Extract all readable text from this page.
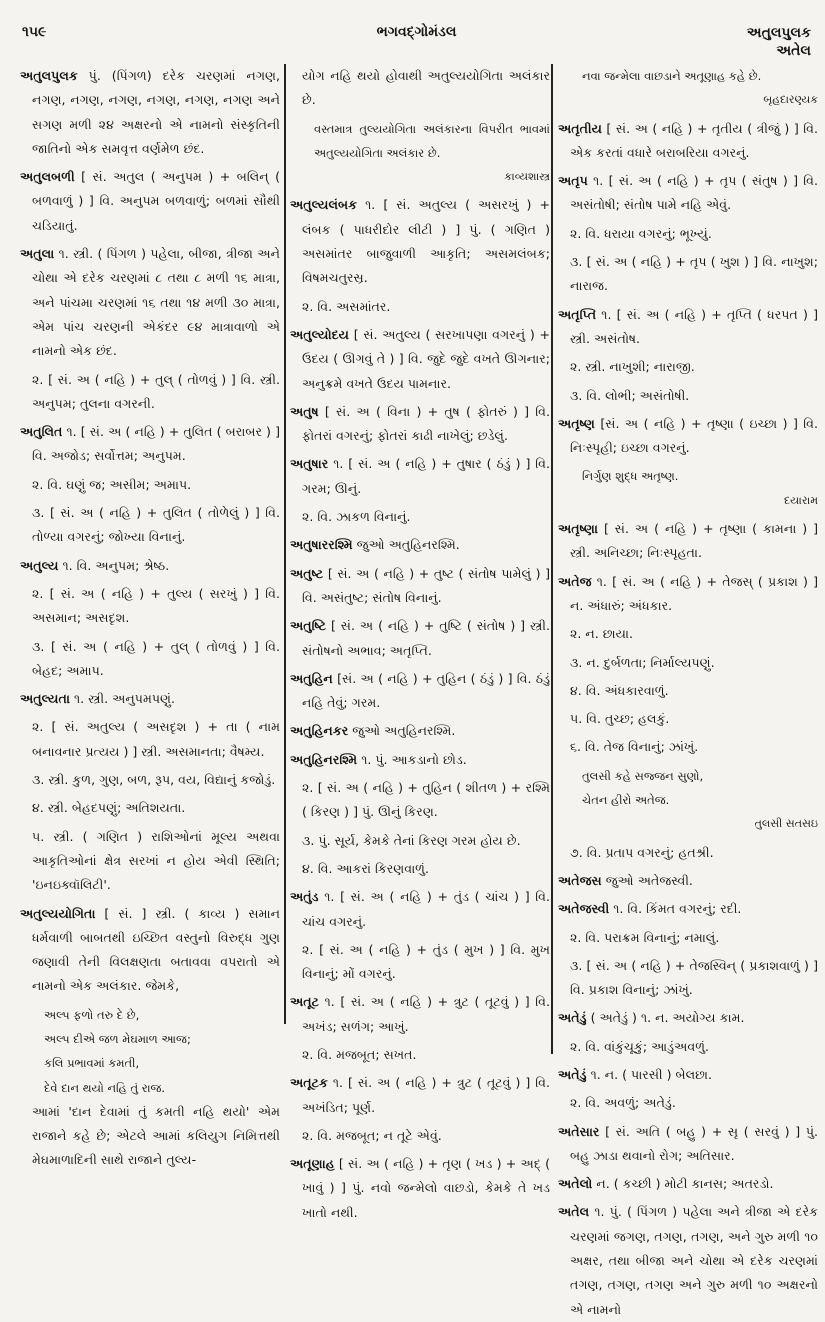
૧૫૯	ભગવદ્ગોમંડલ	અતુલપુલક
અતેલ

અતુલપુલક પું. (પિંગળ) દરેક ચરણમાં નગણ, નગણ, નગણ, નગણ, નગણ, નગણ, નગણ અને સગણ મળી ૨૪ અક્ષરનો એ નામનો સંસ્કૃતિની જાતિનો એક સમવૃત્ત વર્ણમેળ છંદ.

અતુલબળી [ સં. અતુલ ( અનુપમ ) + બલિન્ ( બળવાળું ) ] વિ. અનુપમ બળવાળું; બળમાં સૌથી ચડિયાતું.

અતુલા ૧. સ્ત્રી. ( પિંગળ ) પહેલા, બીજા, ત્રીજા અને ચોથા એ દરેક ચરણમાં ૮ તથા ૮ મળી ૧૬ માત્રા, અને પાંચમા ચરણમાં ૧૬ તથા ૧૪ મળી ૩૦ માત્રા, એમ પાંચ ચરણની એકંદર ૯૪ માત્રાવાળો એ નામનો એક છંદ.

૨. [ સં. અ ( નહિ ) + તુલ્ ( તોળવું ) ] વિ. સ્ત્રી. અનુપમ; તુલના વગરની.

અતુલિત ૧. [ સં. અ ( નહિ ) + તુલિત ( બરાબર ) ] વિ. અજોડ; સર્વોત્તમ; અનુપમ.

૨. વિ. ઘણું જ; અસીમ; અમાપ.

૩. [ સં. અ ( નહિ ) + તુલિત ( તોળેલું ) ] વિ. તોળ્યા વગરનું; જોખ્યા વિનાનું.

અતુલ્ય ૧. વિ. અનુપમ; શ્રેષ્ઠ.

૨. [ સં. અ ( નહિ ) + તુલ્ય ( સરખું ) ] વિ. અસમાન; અસદૃશ.

૩. [ સં. અ ( નહિ ) + તુલ્ ( તોળવું ) ] વિ. બેહદ; અમાપ.

અતુલ્યતા ૧. સ્ત્રી. અનુપમપણું.

૨. [ સં. અતુલ્ય ( અસદૃશ ) + તા ( નામ બનાવનાર પ્રત્યય ) ] સ્ત્રી. અસમાનતા; વૈષમ્ય.

૩. સ્ત્રી. કુળ, ગુણ, બળ, રૂપ, વય, વિદ્યાનું કજોડું.

૪. સ્ત્રી. બેહદપણું; અતિશયતા.

૫. સ્ત્રી. ( ગણિત ) રાશિઓનાં મૂલ્ય અથવા આકૃતિઓનાં ક્ષેત્ર સરખાં ન હોય એવી સ્થિતિ; 'ઇનઇક્વૉલિટી'.

અતુલ્યયોગિતા [ સં. ] સ્ત્રી. ( કાવ્ય ) સમાન ધર્મવાળી બાબતથી ઇચ્છિત વસ્તુનો વિરુદ્ધ ગુણ જણાવી તેની વિલક્ષણતા બતાવવા વપરાતો એ નામનો એક અલંકાર. જેમકે,

અલ્પ ફળો તરુ દે છે,

અલ્પ દીએ જળ મેઘમાળ આજ;

કલિ પ્રભાવમાં કમતી,

દેવે દાન થયો નહિ તું રાજ.

આમાં 'દાન દેવામાં તું કમતી નહિ થયો' એમ રાજાને કહે છે; એટલે આમાં કલિયુગ નિમિત્તથી મેઘમાળાદિની સાથે રાજાને તુલ્ય-

યોગ નહિ થયો હોવાથી અતુલ્યયોગિતા અલંકાર છે.

વસ્તમાત્ર તુલ્યયોગિતા અલંકારના વિપરીત ભાવમાં અતુલ્યયોગિતા અલંકાર છે.

કાવ્યશાસ્ત્ર

અતુલ્યલંબક ૧. [ સં. અતુલ્ય ( અસરખું ) + લંબક ( પાધરીદોર લીટી ) ] પું. ( ગણિત ) અસમાંતર બાજુવાળી આકૃતિ; અસમલંબક; વિષમચતુરસ્ર.

૨. વિ. અસમાંતર.

અતુલ્યોદય [ સં. અતુલ્ય ( સરખાપણા વગરનું ) + ઉદય ( ઊગવું તે ) ] વિ. જુદે જુદે વખતે ઊગનાર; અનુક્રમે વખતે ઉદય પામનાર.

અતુષ [ સં. અ ( વિના ) + તુષ ( ફોતરું ) ] વિ. ફોતરાં વગરનું; ફોતરાં કાઢી નાખેલું; છડેલું.

અતુષાર ૧. [ સં. અ ( નહિ ) + તુષાર ( ઠંડું ) ] વિ. ગરમ; ઊનું.

૨. વિ. ઝાકળ વિનાનું.

અતુષારરશ્મિ જુઓ અતુહિનરશ્મિ.

અતુષ્ટ [ સં. અ ( નહિ ) + તુષ્ટ ( સંતોષ પામેલું ) ] વિ. અસંતુષ્ટ; સંતોષ વિનાનું.

અતુષ્ટિ [ સં. અ ( નહિ ) + તુષ્ટિ ( સંતોષ ) ] સ્ત્રી. સંતોષનો અભાવ; અતૃપ્તિ.

અતુહિન [સં. અ ( નહિ ) + તુહિન ( ઠંડું ) ] વિ. ઠંડું નહિ તેવું; ગરમ.

અતુહિનકર જુઓ અતુહિનરશ્મિ.

અતુહિનરશ્મિ ૧. પું. આકડાનો છોડ.

૨. [ સં. અ ( નહિ ) + તુહિન ( શીતળ ) + રશ્મિ ( કિરણ ) ] પું. ઊનું કિરણ.

૩. પું. સૂર્ય, કેમકે તેનાં કિરણ ગરમ હોય છે.

૪. વિ. આકરાં કિરણવાળું.

અતુંડ ૧. [ સં. અ ( નહિ ) + તુંડ ( ચાંચ ) ] વિ. ચાંચ વગરનું.

૨. [ સં. અ ( નહિ ) + તુંડ ( મુખ ) ] વિ. મુખ વિનાનું; મોં વગરનું.

અતૂટ ૧. [ સં. અ ( નહિ ) + ત્રુટ ( તૂટવું ) ] વિ. અખંડ; સળંગ; આખું.

૨. વિ. મજબૂત; સખત.

અતૂટક ૧. [ સં. અ ( નહિ ) + ત્રુટ ( તૂટવું ) ] વિ. અખંડિત; પૂર્ણ.

૨. વિ. મજબૂત; ન તૂટે એવું.

અતૂણાહ [ સં. અ ( નહિ ) + તૃણ ( ખડ ) + અદ્ ( ખાવું ) ] પું. નવો જન્મેલો વાછડો, કેમકે તે ખડ ખાતો નથી.

નવા જન્મેલા વાછડાને અતૂણાહ કહે છે.

બૃહદારણ્યક

અતૃતીય [ સં. અ ( નહિ ) + તૃતીય ( ત્રીજું ) ] વિ. એક કરતાં વધારે બરાબરિયા વગરનું.

અતૃપ ૧. [ સં. અ ( નહિ ) + તૃપ ( સંતુષ ) ] વિ. અસંતોષી; સંતોષ પામે નહિ એવું.

૨. વિ. ધરાયા વગરનું; ભૂખ્યું.

૩. [ સં. અ ( નહિ ) + તૃપ ( ખુશ ) ] વિ. નાખુશ; નારાજ.

અતૃપ્તિ ૧. [ સં. અ ( નહિ ) + તૃપ્તિ ( ધરપત ) ] સ્ત્રી. અસંતોષ.

૨. સ્ત્રી. નાખુશી; નારાજી.

૩. વિ. લોભી; અસંતોષી.

અતૃષ્ણ [સં. અ ( નહિ ) + તૃષ્ણા ( ઇચ્છા ) ] વિ. નિઃસ્પૃહી; ઇચ્છા વગરનું.

નિર્ગુણ શુદ્ધ અતૃષ્ણ.

દયારામ

અતૃષ્ણા [ સં. અ ( નહિ ) + તૃષ્ણા ( કામના ) ] સ્ત્રી. અનિચ્છા; નિઃસ્પૃહતા.

અતેજ ૧. [ સં. અ ( નહિ ) + તેજસ્ ( પ્રકાશ ) ] ન. અંધારું; અંધકાર.

૨. ન. છાયા.

૩. ન. દુર્બળતા; નિર્માલ્યપણું.

૪. વિ. અંધકારવાળું.

૫. વિ. તુચ્છ; હલકું.

૬. વિ. તેજ વિનાનું; ઝાંખું.

તુલસી કહે સજ્જન સુણો,

ચેતન હીરો અતેજ.

તુલસી સતસઇ

૭. વિ. પ્રતાપ વગરનું; હતશ્રી.

અતેજસ જુઓ અતેજસ્વી.

અતેજસ્વી ૧. વિ. કિંમત વગરનું; રદી.

૨. વિ. પરાક્રમ વિનાનું; નમાલું.

૩. [ સં. અ ( નહિ ) + તેજસ્વિન્ ( પ્રકાશવાળું ) ] વિ. પ્રકાશ વિનાનું; ઝાંખું.

અતેડું ( અતેડું ) ૧. ન. અયોગ્ય કામ.

૨. વિ. વાંકુંચૂકું; આડુંઅવળું.

અતેડું ૧. ન. ( પારસી ) બેલછા.

૨. વિ. અવળું; અતેડું.

અતેસાર [ સં. અતિ ( બહુ ) + સૃ ( સરવું ) ] પું. બહુ ઝાડા થવાનો રોગ; અતિસાર.

અતેલો ન. ( કચ્છી ) મોટી કાનસ; અતરડો.

અતેલ ૧. પું. ( પિંગળ ) પહેલા અને ત્રીજા એ દરેક ચરણમાં જગણ, તગણ, તગણ, અને ગુરુ મળી ૧૦ અક્ષર, તથા બીજા અને ચોથા એ દરેક ચરણમાં તગણ, તગણ, તગણ અને ગુરુ મળી ૧૦ અક્ષરનો એ નામનો
